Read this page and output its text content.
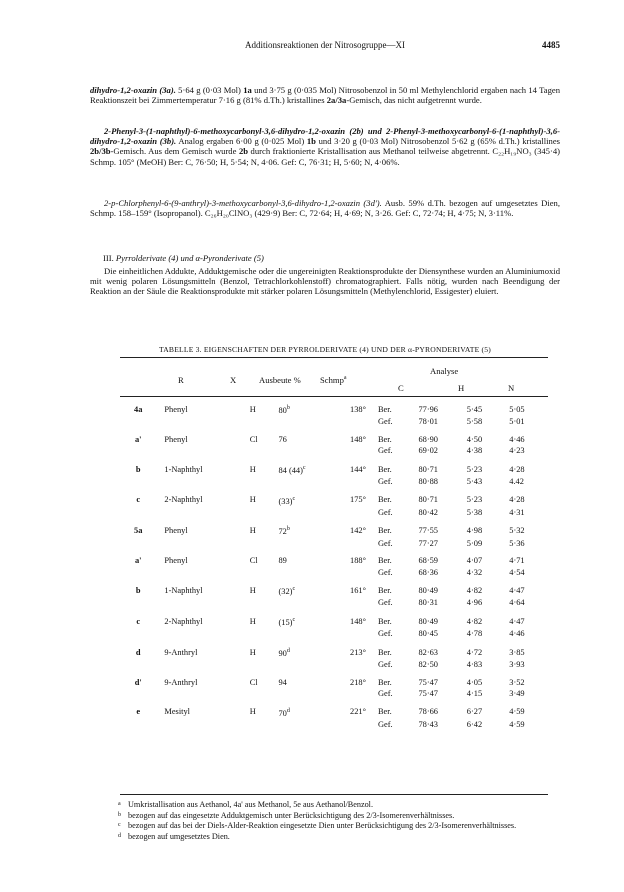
Additionsreaktionen der Nitrosogruppe—XI	4485

dihydro-1,2-oxazin (3a). 5·64 g (0·03 Mol) 1a und 3·75 g (0·035 Mol) Nitrosobenzol in 50 ml Methylenchlorid ergaben nach 14 Tagen Reaktionszeit bei Zimmertemperatur 7·16 g (81% d.Th.) kristallines 2a/3a-Gemisch, das nicht aufgetrennt wurde.

2-Phenyl-3-(1-naphthyl)-6-methoxycarbonyl-3,6-dihydro-1,2-oxazin (2b) und 2-Phenyl-3-methoxycarbonyl-6-(1-naphthyl)-3,6-dihydro-1,2-oxazin (3b). Analog ergaben 6·00 g (0·025 Mol) 1b und 3·20 g (0·03 Mol) Nitrosobenzol 5·62 g (65% d.Th.) kristallines 2b/3b-Gemisch. Aus dem Gemisch wurde 2b durch fraktionierte Kristallisation aus Methanol teilweise abgetrennt. C₂₂H₁₉NO₃ (345·4) Schmp. 105° (MeOH) Ber: C, 76·50; H, 5·54; N, 4·06. Gef: C, 76·31; H, 5·60; N, 4·06%.

2-p-Chlorphenyl-6-(9-anthryl)-3-methoxycarbonyl-3,6-dihydro-1,2-oxazin (3d'). Ausb. 59% d.Th. bezogen auf umgesetztes Dien, Schmp. 158–159° (Isopropanol). C₂₆H₂₀ClNO₃ (429·9) Ber: C, 72·64; H, 4·69; N, 3·26. Gef: C, 72·74; H, 4·75; N, 3·11%.

III. Pyrrolderivate (4) und α-Pyronderivate (5)

Die einheitlichen Addukte, Adduktgemische oder die ungereinigten Reaktionsprodukte der Diensynthese wurden an Aluminiumoxid mit wenig polaren Lösungsmitteln (Benzol, Tetrachlorkohlenstoff) chromatographiert. Falls nötig, wurden nach Beendigung der Reaktion an der Säule die Reaktionsprodukte mit stärker polaren Lösungsmitteln (Methylenchlorid, Essigester) eluiert.

TABELLE 3. EIGENSCHAFTEN DER PYRROLDERIVATE (4) UND DER α-PYRONDERIVATE (5)
R	X	Ausbeute % Schmp$^a$
Analyse
C	H	N
4a	Phenyl	H	80$^b$	138°	Ber.	77·96	5·45	5·05
					Gef.	78·01	5·58	5·01
a'	Phenyl	Cl	76	148°	Ber.	68·90	4·50	4·46
					Gef.	69·02	4·38	4·23
b	1-Naphthyl	H	84 $(44)^c$	144°	Ber.	80·71	5·23	4·28
					Gef.	80·88	5·43	4.42
c	2-Naphthyl	H	$(33)^c$	175°	Ber.	80·71	5·23	4·28
					Gef.	80·42	5·38	4·31
5a	Phenyl	H	72$^b$	142°	Ber.	77·55	4·98	5·32
					Gef.	77·27	5·09	5·36
a'	Phenyl	Cl	89	188°	Ber.	68·59	4·07	4·71
					Gef.	68·36	4·32	4·54
b	1-Naphthyl	H	$(32)^c$	161°	Ber.	80·49	4·82	4·47
					Gef.	80·31	4·96	4·64
c	2-Naphthyl	H	$(15)^c$	148°	Ber.	80·49	4·82	4·47
					Gef.	80·45	4·78	4·46
d	9-Anthryl	H	90$^d$	213°	Ber.	82·63	4·72	3·85
					Gef.	82·50	4·83	3·93
d'	9-Anthryl	Cl	94	218°	Ber.	75·47	4·05	3·52
					Gef.	75·47	4·15	3·49
e	Mesityl	H	70$^d$	221°	Ber.	78·66	6·27	4·59
					Gef.	78·43	6·42	4·59
a Umkristallisation aus Aethanol, 4a' aus Methanol, 5e aus Aethanol/Benzol.
b bezogen auf das eingesetzte Adduktgemisch unter Berücksichtigung des 2/3-Isomerenverhältnisses.
c bezogen auf das bei der Diels-Alder-Reaktion eingesetzte Dien unter Berücksichtigung des 2/3-Isomerenverhältnisses.
d bezogen auf umgesetztes Dien.
